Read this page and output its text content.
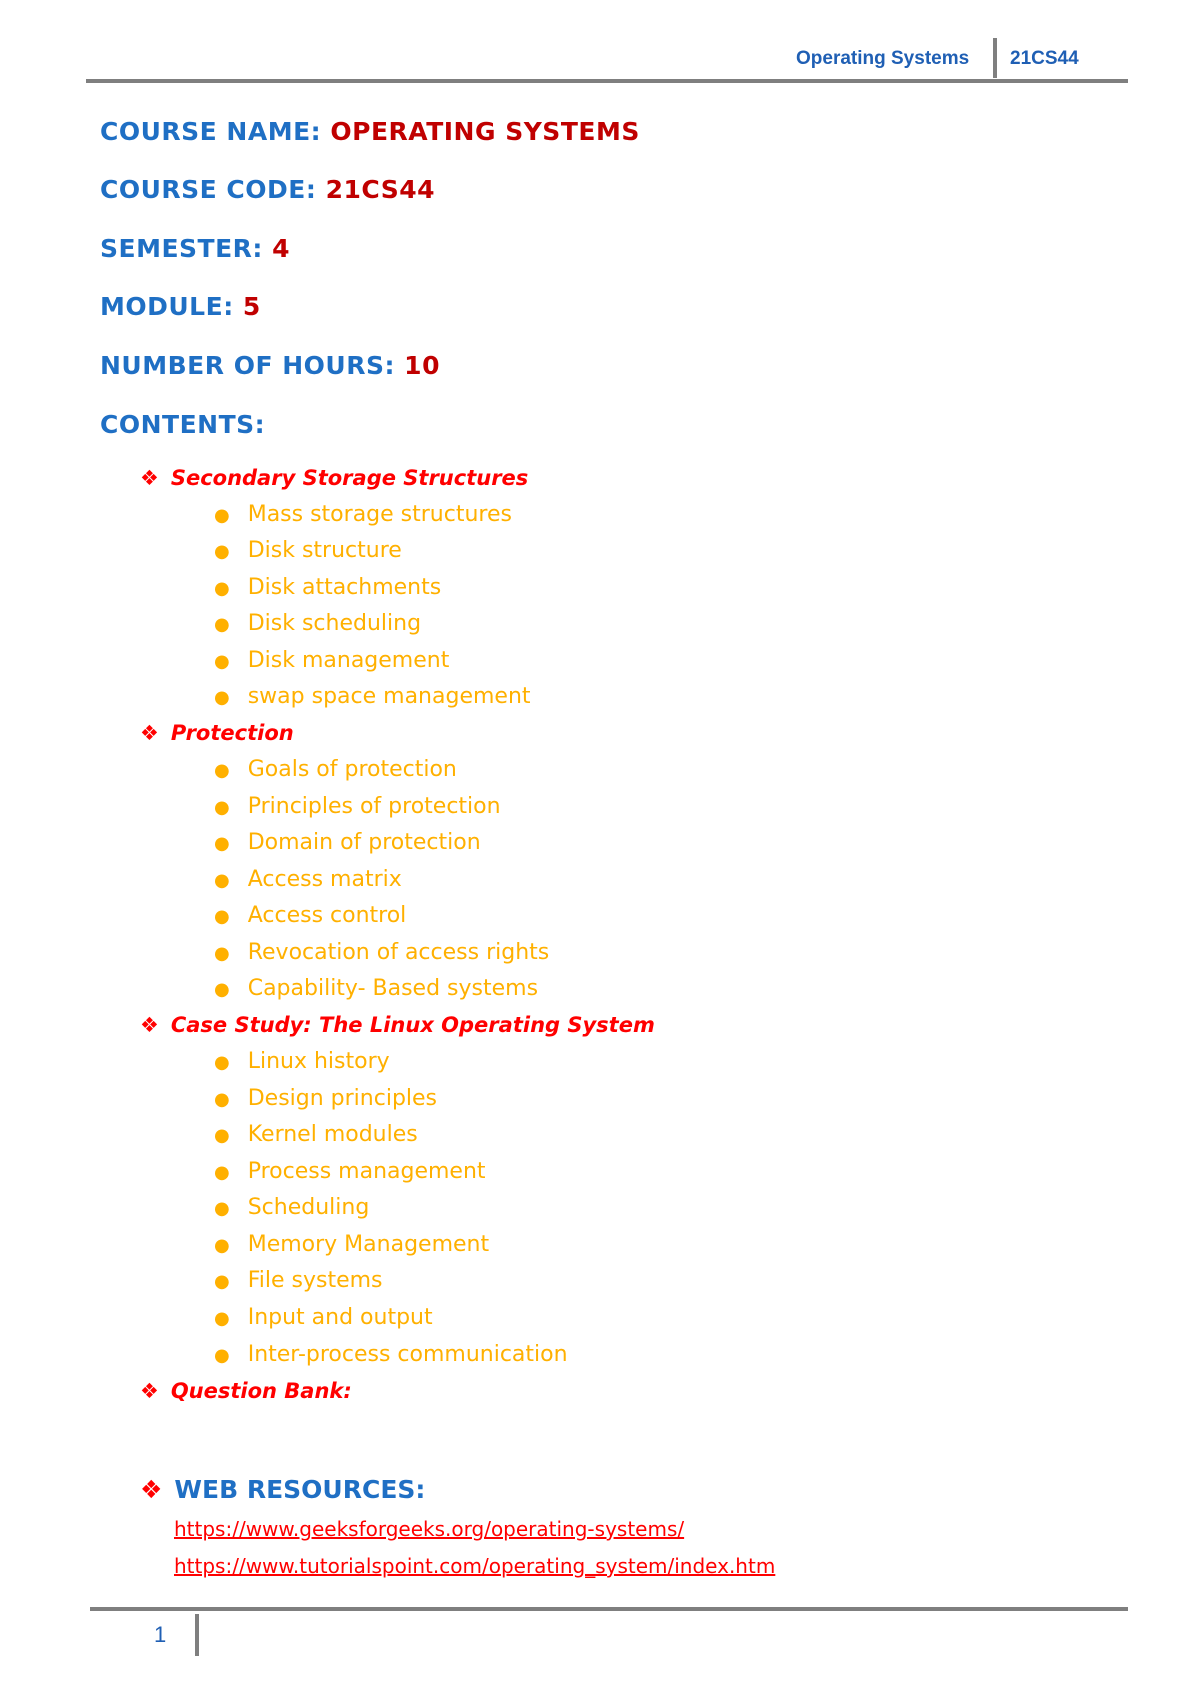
Operating Systems 21CS44
COURSE NAME: OPERATING SYSTEMS
COURSE CODE: 21CS44
SEMESTER: 4
MODULE: 5
NUMBER OF HOURS: 10
CONTENTS:
❖ Secondary Storage Structures
● Mass storage structures
● Disk structure
● Disk attachments
● Disk scheduling
● Disk management
● swap space management
❖ Protection
● Goals of protection
● Principles of protection
● Domain of protection
● Access matrix
● Access control
● Revocation of access rights
● Capability- Based systems
❖ Case Study: The Linux Operating System
● Linux history
● Design principles
● Kernel modules
● Process management
● Scheduling
● Memory Management
● File systems
● Input and output
● Inter-process communication
❖ Question Bank:
❖ WEB RESOURCES:
https://www.geeksforgeeks.org/operating-systems/
https://www.tutorialspoint.com/operating_system/index.htm
1
